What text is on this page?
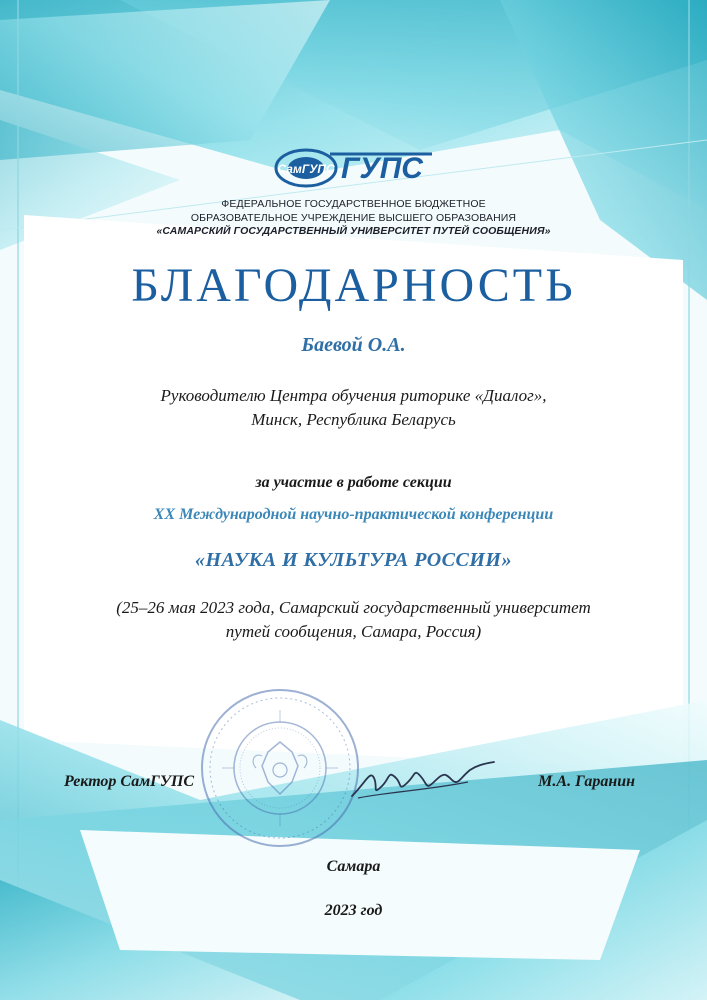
СамГУПС ГУПС
ФЕДЕРАЛЬНОЕ ГОСУДАРСТВЕННОЕ БЮДЖЕТНОЕ
ОБРАЗОВАТЕЛЬНОЕ УЧРЕЖДЕНИЕ ВЫСШЕГО ОБРАЗОВАНИЯ
«САМАРСКИЙ ГОСУДАРСТВЕННЫЙ УНИВЕРСИТЕТ ПУТЕЙ СООБЩЕНИЯ»
БЛАГОДАРНОСТЬ
Баевой О.А.
Руководителю Центра обучения риторике «Диалог»,
Минск, Республика Беларусь
за участие в работе секции
XX Международной научно-практической конференции
«НАУКА И КУЛЬТУРА РОССИИ»
(25–26 мая 2023 года, Самарский государственный университет
путей сообщения, Самара, Россия)
Ректор СамГУПС	М.А. Гаранин
Самара
2023 год
